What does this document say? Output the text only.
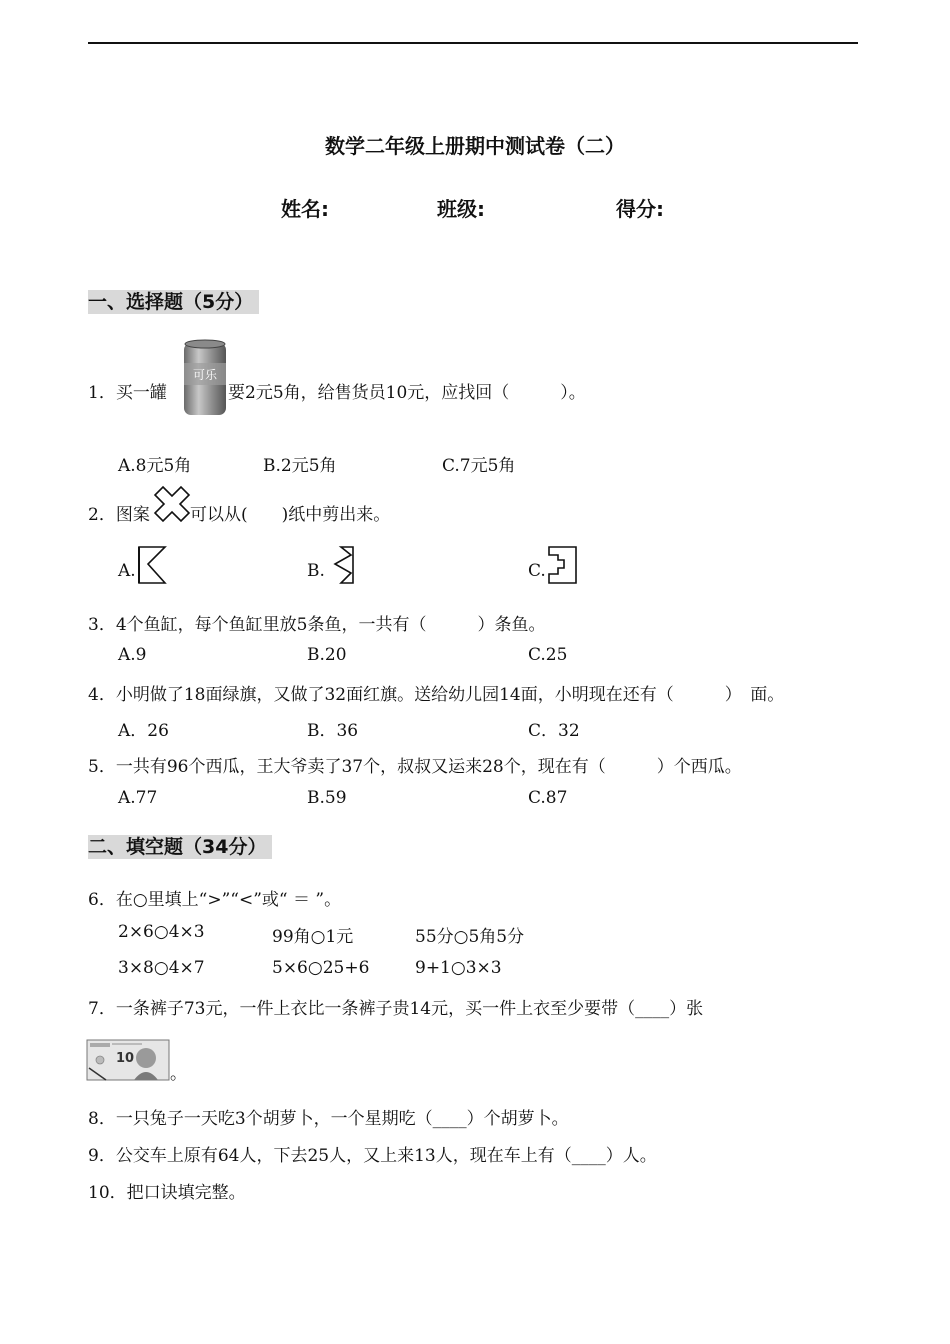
数学二年级上册期中测试卷（二）
姓名:	班级:	得分:
一、选择题（5分）
1．买一罐
可乐
要2元5角，给售货员10元，应找回（　　　）。
A.8元5角	B.2元5角	C.7元5角
2．图案 可以从(　　)纸中剪出来。
A.	B.	C.
3．4个鱼缸，每个鱼缸里放5条鱼，一共有（　　　）条鱼。
A.9	B.20	C.25
4．小明做了18面绿旗，又做了32面红旗。送给幼儿园14面，小明现在还有（　　　）　面。
A．26	B．36	C．32
5．一共有96个西瓜，王大爷卖了37个，叔叔又运来28个，现在有（　　　）个西瓜。
A.77	B.59	C.87
二、填空题（34分）
6．在○里填上“>”“<”或“ ＝ ”。
2×6○4×3	99角○1元	55分○5角5分
3×8○4×7	5×6○25+6	9+1○3×3
7．一条裤子73元，一件上衣比一条裤子贵14元，买一件上衣至少要带（____）张
10
。
8．一只兔子一天吃3个胡萝卜，一个星期吃（____）个胡萝卜。
9．公交车上原有64人，下去25人，又上来13人，现在车上有（____）人。
10．把口诀填完整。
